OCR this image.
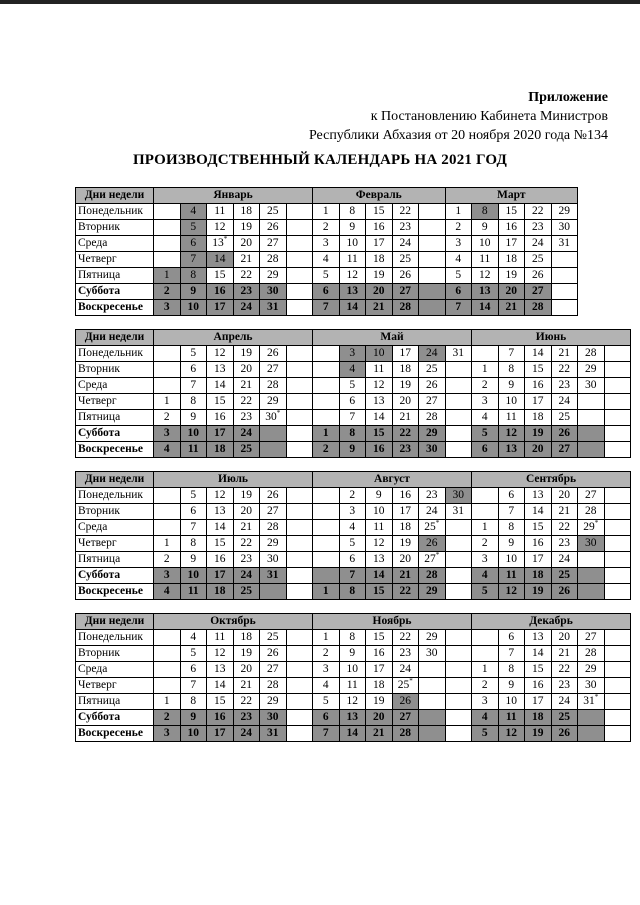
Приложение
к Постановлению Кабинета Министров
Республики Абхазия от 20 ноября 2020 года №134
ПРОИЗВОДСТВЕННЫЙ КАЛЕНДАРЬ НА 2021 ГОД
Дни недели	Январь						Февраль					Март				
Понедельник		4	11	18	25		1	8	15	22		1	8	15	22	29
Вторник		5	12	19	26		2	9	16	23		2	9	16	23	30
Среда		6	13*	20	27		3	10	17	24		3	10	17	24	31
Четверг		7	14	21	28		4	11	18	25		4	11	18	25	
Пятница	1	8	15	22	29		5	12	19	26		5	12	19	26	
Суббота	2	9	16	23	30		6	13	20	27		6	13	20	27	
Воскресенье	3	10	17	24	31		7	14	21	28		7	14	21	28	
Дни недели	Апрель						Май						Июнь					
Понедельник		5	12	19	26			3	10	17	24	31		7	14	21	28	
Вторник		6	13	20	27			4	11	18	25		1	8	15	22	29	
Среда		7	14	21	28			5	12	19	26		2	9	16	23	30	
Четверг	1	8	15	22	29			6	13	20	27		3	10	17	24		
Пятница	2	9	16	23	30*			7	14	21	28		4	11	18	25		
Суббота	3	10	17	24			1	8	15	22	29		5	12	19	26		
Воскресенье	4	11	18	25			2	9	16	23	30		6	13	20	27		
Дни недели	Июль						Август						Сентябрь					
Понедельник		5	12	19	26			2	9	16	23	30		6	13	20	27	
Вторник		6	13	20	27			3	10	17	24	31		7	14	21	28	
Среда		7	14	21	28			4	11	18	25*		1	8	15	22	29*	
Четверг	1	8	15	22	29			5	12	19	26		2	9	16	23	30	
Пятница	2	9	16	23	30			6	13	20	27*		3	10	17	24		
Суббота	3	10	17	24	31			7	14	21	28		4	11	18	25		
Воскресенье	4	11	18	25			1	8	15	22	29		5	12	19	26		
Дни недели	Октябрь						Ноябрь						Декабрь					
Понедельник		4	11	18	25		1	8	15	22	29			6	13	20	27	
Вторник		5	12	19	26		2	9	16	23	30			7	14	21	28	
Среда		6	13	20	27		3	10	17	24			1	8	15	22	29	
Четверг		7	14	21	28		4	11	18	25*			2	9	16	23	30	
Пятница	1	8	15	22	29		5	12	19	26			3	10	17	24	31*	
Суббота	2	9	16	23	30		6	13	20	27			4	11	18	25		
Воскресенье	3	10	17	24	31		7	14	21	28			5	12	19	26		
